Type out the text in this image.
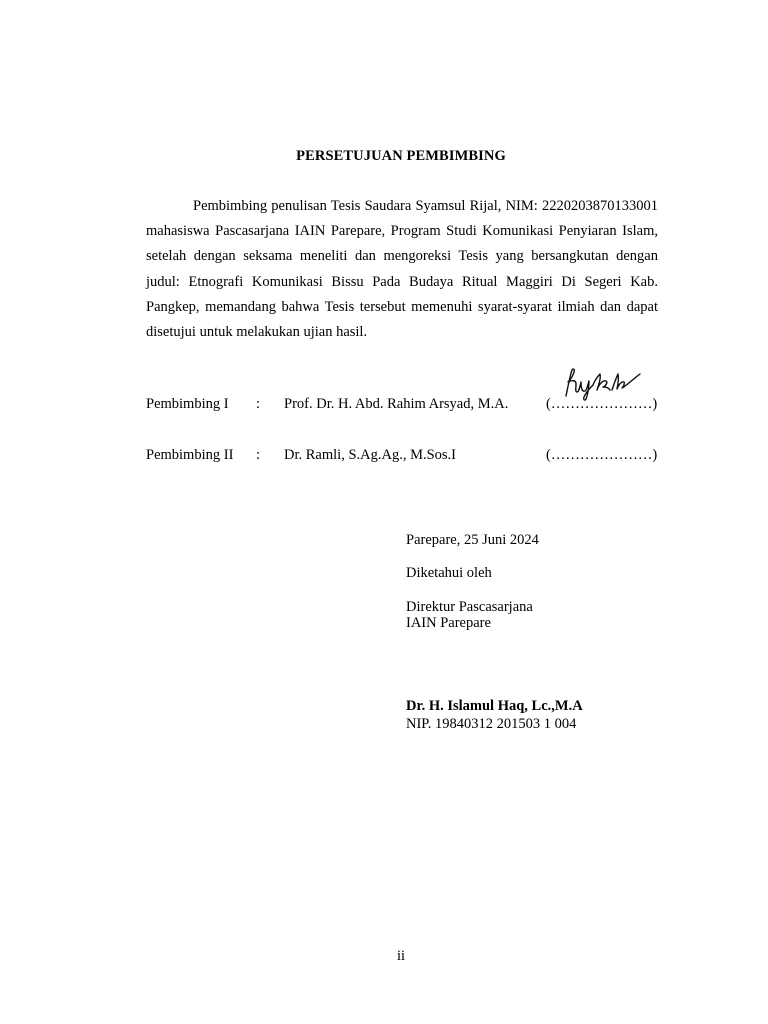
PERSETUJUAN PEMBIMBING

Pembimbing penulisan Tesis Saudara Syamsul Rijal, NIM: 2220203870133001 mahasiswa Pascasarjana IAIN Parepare, Program Studi Komunikasi Penyiaran Islam, setelah dengan seksama meneliti dan mengoreksi Tesis yang bersangkutan dengan judul: Etnografi Komunikasi Bissu Pada Budaya Ritual Maggiri Di Segeri Kab. Pangkep, memandang bahwa Tesis tersebut memenuhi syarat-syarat ilmiah dan dapat disetujui untuk melakukan ujian hasil.

Pembimbing I : Prof. Dr. H. Abd. Rahim Arsyad, M.A.	(…………………)
Pembimbing II : Dr. Ramli, S.Ag.Ag., M.Sos.I	(…………………)
Parepare, 25 Juni 2024
Diketahui oleh
Direktur Pascasarjana
IAIN Parepare
Dr. H. Islamul Haq, Lc.,M.A
NIP. 19840312 201503 1 004
ii
